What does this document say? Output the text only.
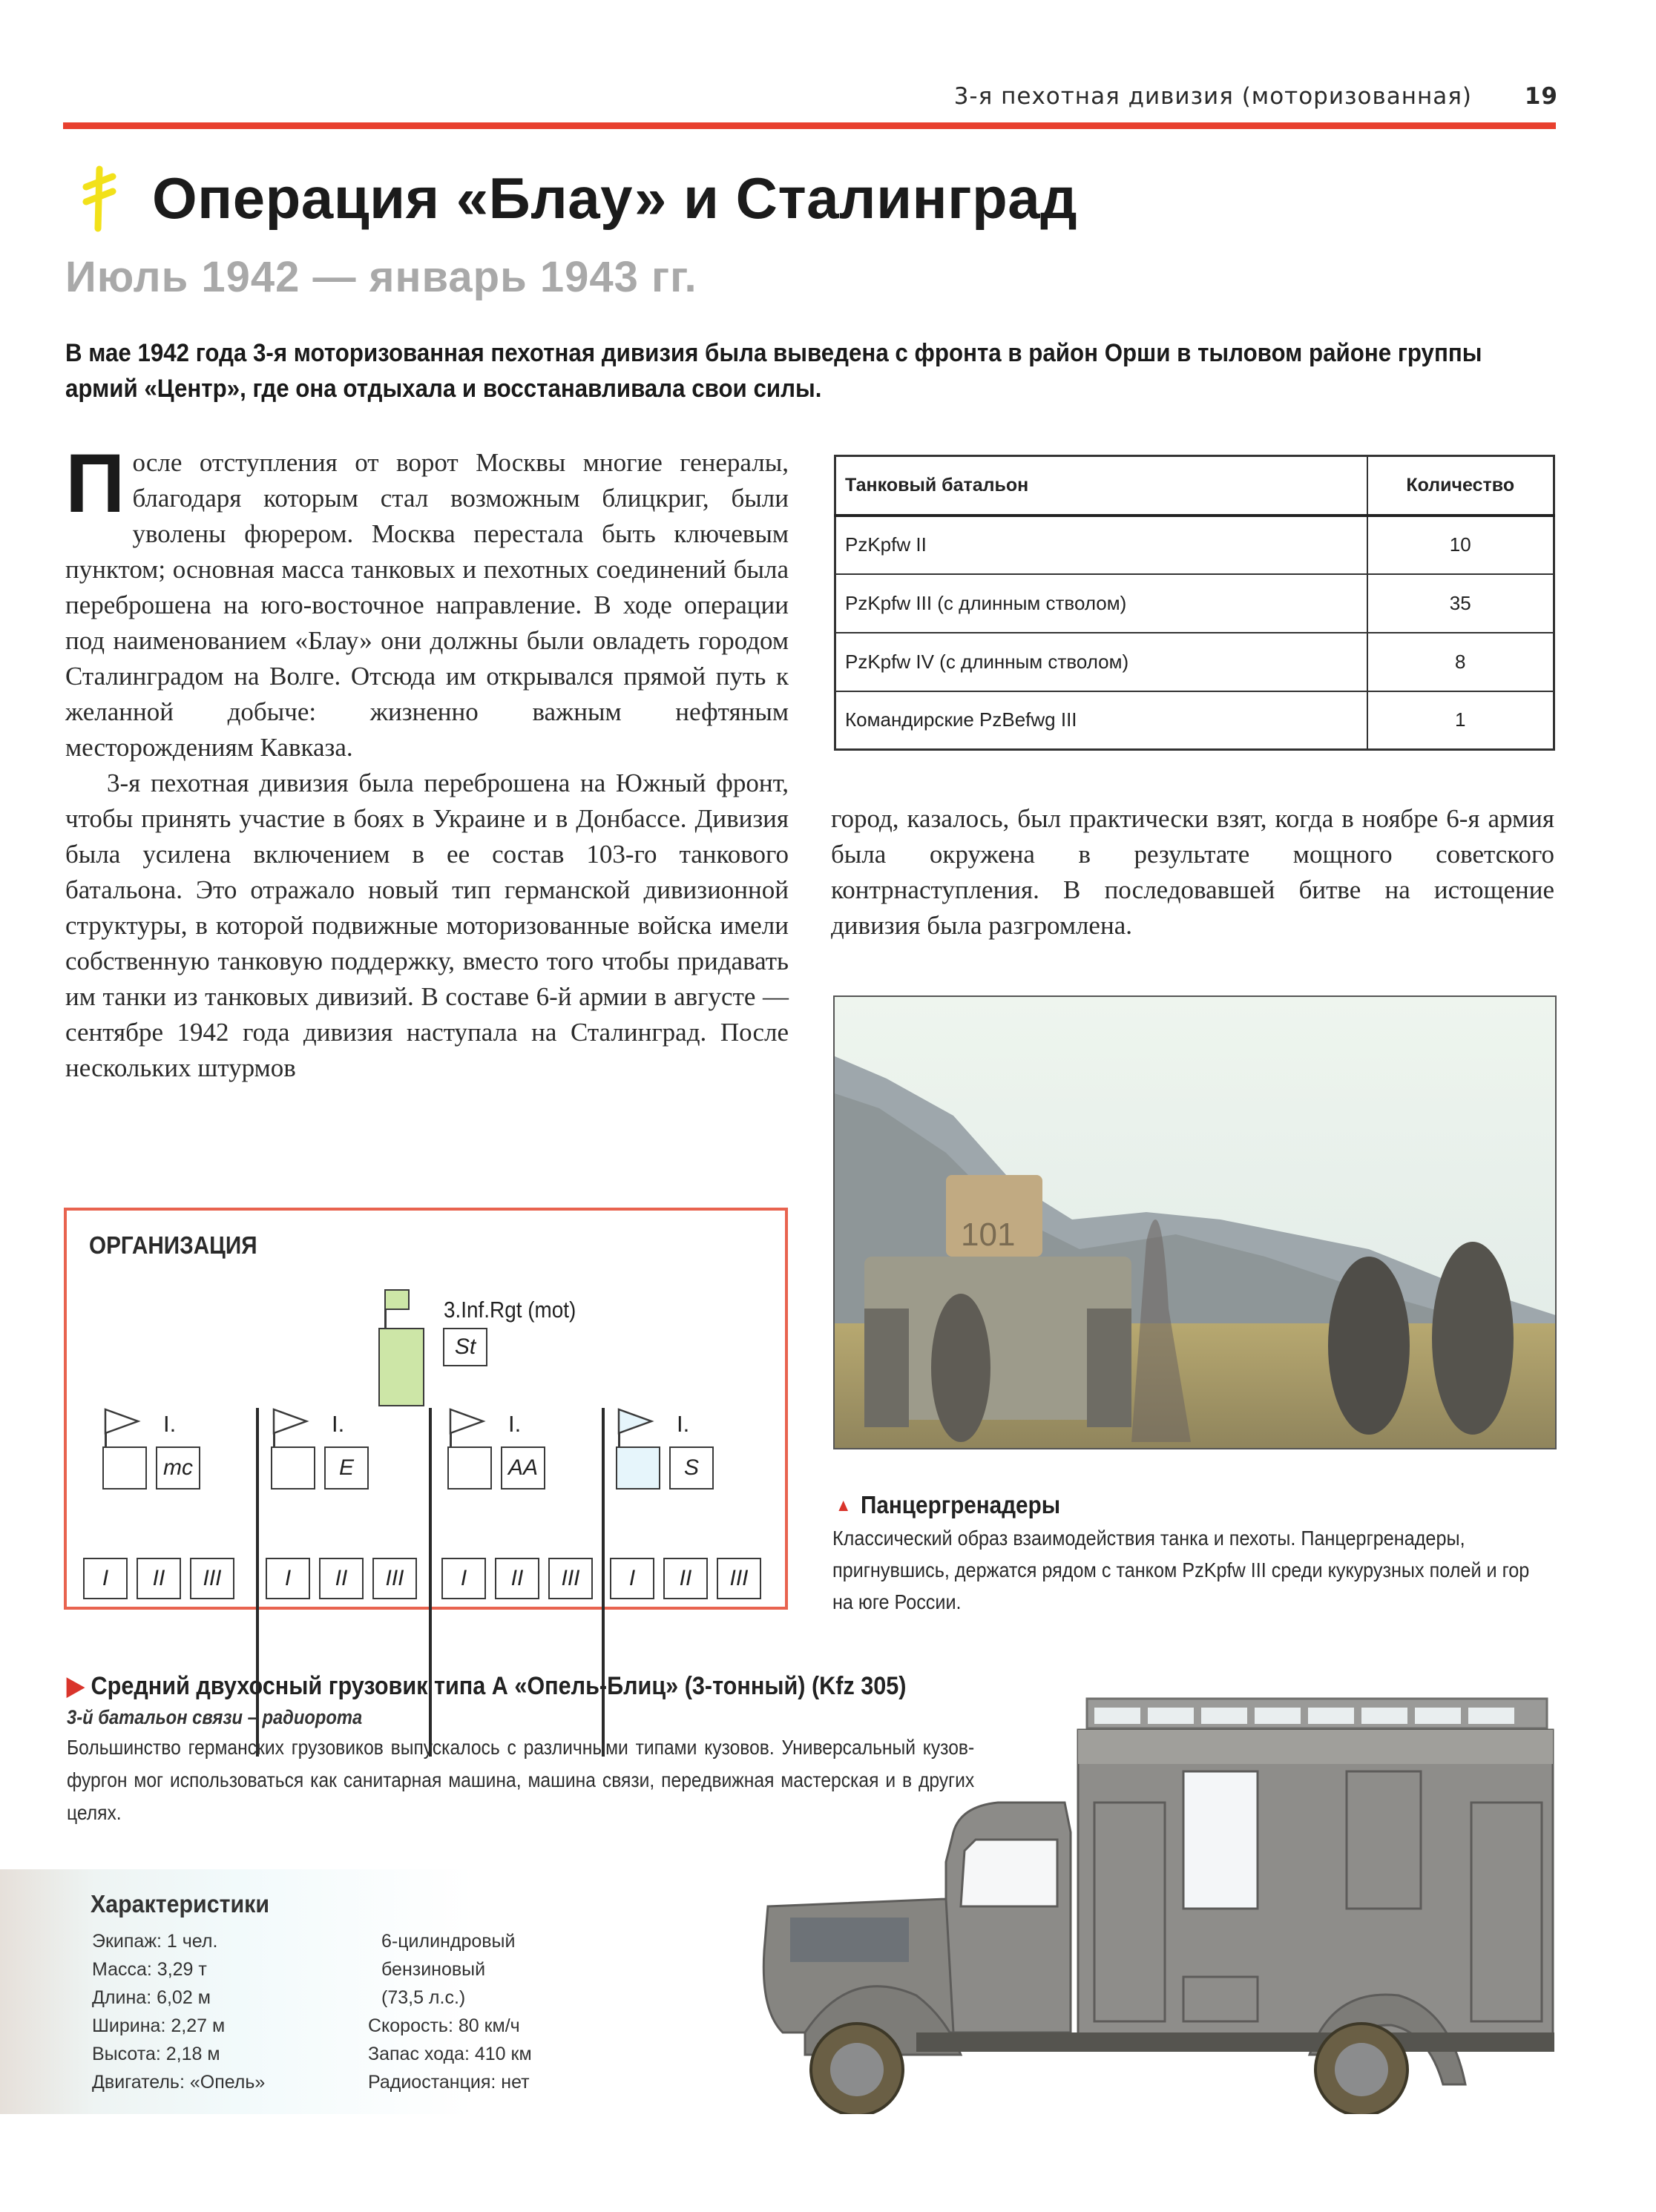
3-я пехотная дивизия (моторизованная) 19
Операция «Блау» и Сталинград
Июль 1942 — январь 1943 гг.
В мае 1942 года 3-я моторизованная пехотная дивизия была выведена с фронта в район Орши в тыловом районе группы армий «Центр», где она отдыхала и восстанавливала свои силы.

После отступления от ворот Москвы многие генералы, благодаря которым стал возможным блицкриг, были уволены фюрером. Москва перестала быть ключевым пунктом; основная масса танковых и пехотных соединений была переброшена на юго-восточное направление. В ходе операции под наименованием «Блау» они должны были овладеть городом Сталинградом на Волге. Отсюда им открывался прямой путь к желанной добыче: жизненно важным нефтяным месторождениям Кавказа.

3-я пехотная дивизия была переброшена на Южный фронт, чтобы принять участие в боях в Украине и в Донбассе. Дивизия была усилена включением в ее состав 103-го танкового батальона. Это отражало новый тип германской дивизионной структуры, в которой подвижные моторизованные войска имели собственную танковую поддержку, вместо того чтобы придавать им танки из танковых дивизий. В составе 6-й армии в августе — сентябре 1942 года дивизия наступала на Сталинград. После нескольких штурмов

Танковый батальон	Количество
PzKpfw II	10
PzKpfw III (с длинным стволом)	35
PzKpfw IV (с длинным стволом)	8
Командирские PzBefwg III	1
город, казалось, был практически взят, когда в ноябре 6-я армия была окружена в результате мощного советского контрнаступления. В последовавшей битве на истощение дивизия была разгромлена.
ОРГАНИЗАЦИЯ
3.Inf.Rgt (mot)
St
I.
mc
I	II	III
I.
E
I	II	III
I.
AA
I	II	III
I.
S
I	II	III
101
▲ Панцергренадеры
Классический образ взаимодействия танка и пехоты. Панцергренадеры, пригнувшись, держатся рядом с танком PzKpfw III среди кукурузных полей и гор на юге России.
▶ Средний двухосный грузовик типа А «Опель-Блиц» (3-тонный) (Kfz 305)
3-й батальон связи – радиорота
Большинство германских грузовиков выпускалось с различными типами кузовов. Универсальный кузов-фургон мог использоваться как санитарная машина, машина связи, передвижная мастерская и в других целях.
Характеристики
Экипаж: 1 чел.
Масса: 3,29 т
Длина: 6,02 м
Ширина: 2,27 м
Высота: 2,18 м
Двигатель: «Опель»
6-цилиндровый
бензиновый
(73,5 л.с.)
Скорость: 80 км/ч
Запас хода: 410 км
Радиостанция: нет
